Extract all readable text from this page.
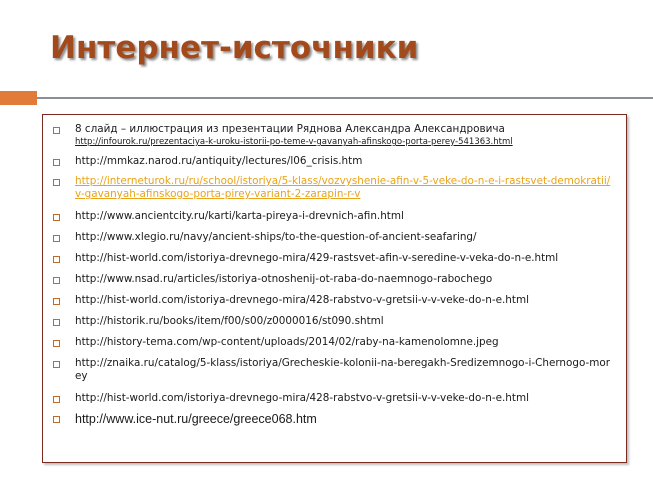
Интернет-источники
8 слайд – иллюстрация из презентации Ряднова Александра Александровича
http://infourok.ru/prezentaciya-k-uroku-istorii-po-teme-v-gavanyah-afinskogo-porta-perey-541363.html
http://mmkaz.narod.ru/antiquity/lectures/l06_crisis.htm
http://interneturok.ru/ru/school/istoriya/5-klass/vozvyshenie-afin-v-5-veke-do-n-e-i-rastsvet-demokratii/v-gavanyah-afinskogo-porta-pirey-variant-2-zarapin-r-v
http://www.ancientcity.ru/karti/karta-pireya-i-drevnich-afin.html
http://www.xlegio.ru/navy/ancient-ships/to-the-question-of-ancient-seafaring/
http://hist-world.com/istoriya-drevnego-mira/429-rastsvet-afin-v-seredine-v-veka-do-n-e.html
http://www.nsad.ru/articles/istoriya-otnoshenij-ot-raba-do-naemnogo-rabochego
http://hist-world.com/istoriya-drevnego-mira/428-rabstvo-v-gretsii-v-v-veke-do-n-e.html
http://historik.ru/books/item/f00/s00/z0000016/st090.shtml
http://history-tema.com/wp-content/uploads/2014/02/raby-na-kamenolomne.jpeg
http://znaika.ru/catalog/5-klass/istoriya/Grecheskie-kolonii-na-beregakh-Sredizemnogo-i-Chernogo-morey
http://hist-world.com/istoriya-drevnego-mira/428-rabstvo-v-gretsii-v-v-veke-do-n-e.html
http://www.ice-nut.ru/greece/greece068.htm
